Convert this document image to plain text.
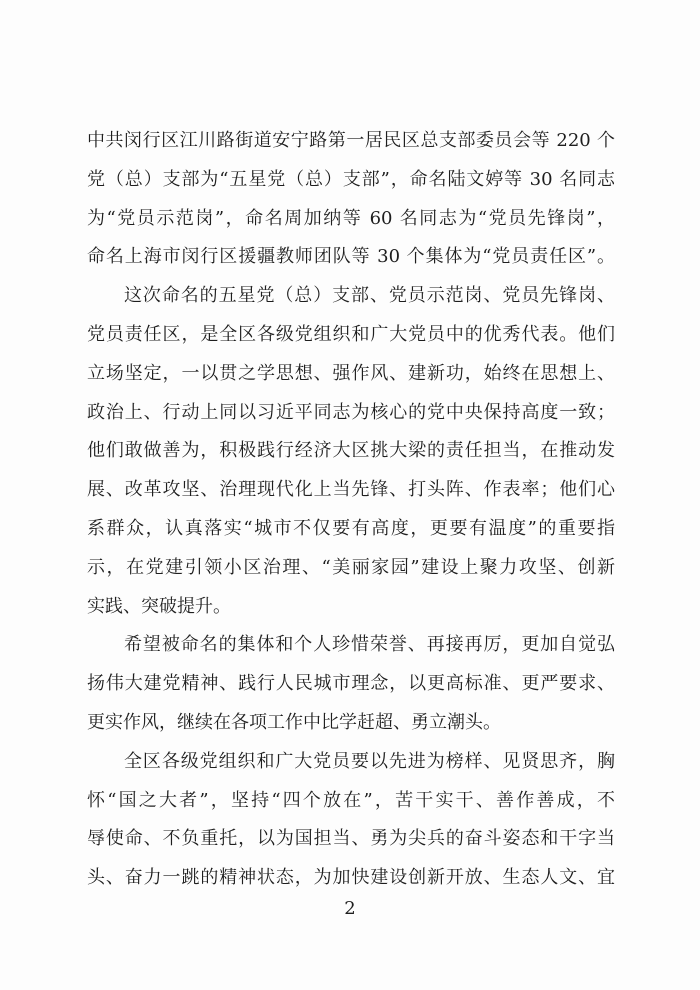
中共闵行区江川路街道安宁路第一居民区总支部委员会等 220 个
党（总）支部为“五星党（总）支部”，命名陆文婷等 30 名同志
为“党员示范岗”，命名周加纳等 60 名同志为“党员先锋岗”，
命名上海市闵行区援疆教师团队等 30 个集体为“党员责任区”。
这次命名的五星党（总）支部、党员示范岗、党员先锋岗、
党员责任区，是全区各级党组织和广大党员中的优秀代表。他们
立场坚定，一以贯之学思想、强作风、建新功，始终在思想上、
政治上、行动上同以习近平同志为核心的党中央保持高度一致；
他们敢做善为，积极践行经济大区挑大梁的责任担当，在推动发
展、改革攻坚、治理现代化上当先锋、打头阵、作表率；他们心
系群众，认真落实“城市不仅要有高度，更要有温度”的重要指
示，在党建引领小区治理、“美丽家园”建设上聚力攻坚、创新
实践、突破提升。
希望被命名的集体和个人珍惜荣誉、再接再厉，更加自觉弘
扬伟大建党精神、践行人民城市理念，以更高标准、更严要求、
更实作风，继续在各项工作中比学赶超、勇立潮头。
全区各级党组织和广大党员要以先进为榜样、见贤思齐，胸
怀“国之大者”，坚持“四个放在”，苦干实干、善作善成，不
辱使命、不负重托，以为国担当、勇为尖兵的奋斗姿态和干字当
头、奋力一跳的精神状态，为加快建设创新开放、生态人文、宜
2
